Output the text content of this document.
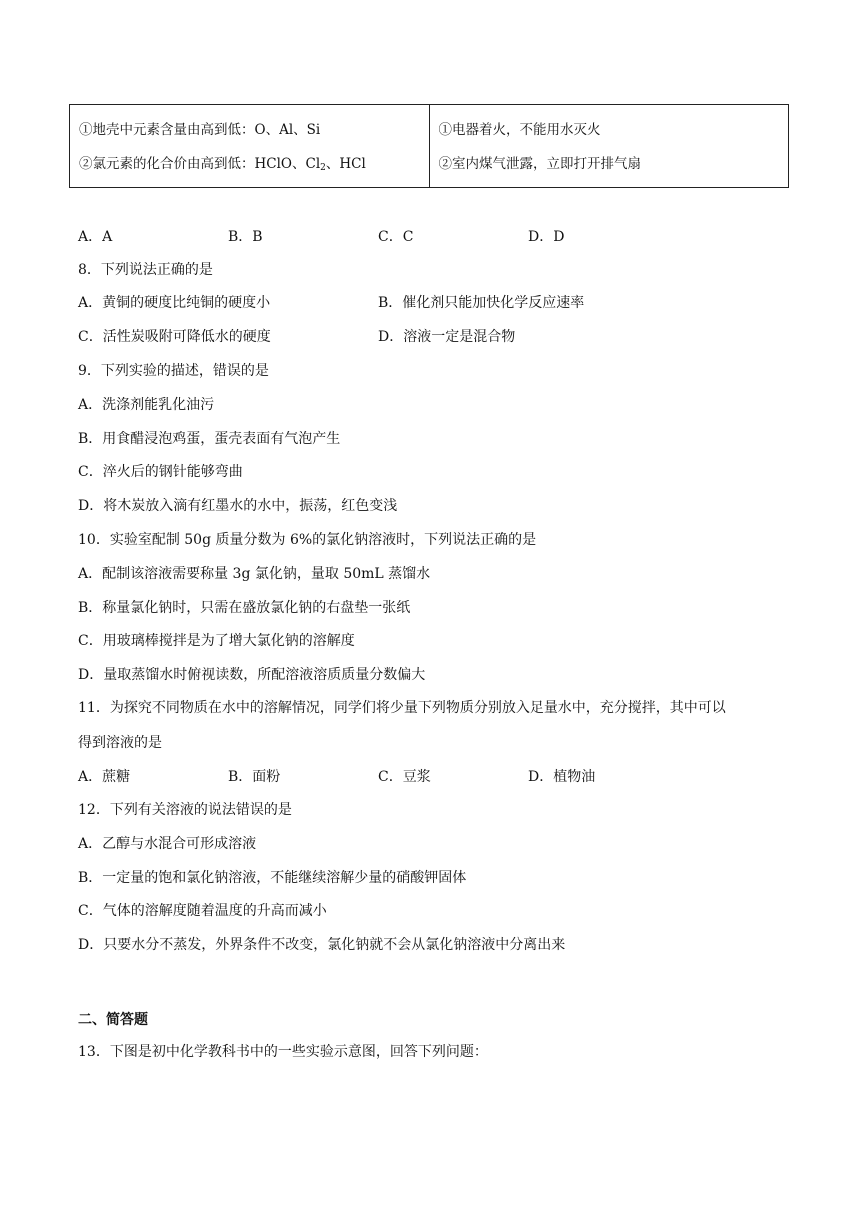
①地壳中元素含量由高到低：O、Al、Si
②氯元素的化合价由高到低：HClO、$Cl_2$、HCl

①电器着火，不能用水灭火
②室内煤气泄露，立即打开排气扇
A．A	B．B	C．C	D．D
8．下列说法正确的是
A．黄铜的硬度比纯铜的硬度小	B．催化剂只能加快化学反应速率
C．活性炭吸附可降低水的硬度	D．溶液一定是混合物
9．下列实验的描述，错误的是
A．洗涤剂能乳化油污
B．用食醋浸泡鸡蛋，蛋壳表面有气泡产生
C．淬火后的钢针能够弯曲
D．将木炭放入滴有红墨水的水中，振荡，红色变浅
10．实验室配制 50g 质量分数为 6%的氯化钠溶液时，下列说法正确的是
A．配制该溶液需要称量 3g 氯化钠，量取 50mL 蒸馏水
B．称量氯化钠时，只需在盛放氯化钠的右盘垫一张纸
C．用玻璃棒搅拌是为了增大氯化钠的溶解度
D．量取蒸馏水时俯视读数，所配溶液溶质质量分数偏大
11．为探究不同物质在水中的溶解情况，同学们将少量下列物质分别放入足量水中，充分搅拌，其中可以
得到溶液的是
A．蔗糖	B．面粉	C．豆浆	D．植物油
12．下列有关溶液的说法错误的是
A．乙醇与水混合可形成溶液
B．一定量的饱和氯化钠溶液，不能继续溶解少量的硝酸钾固体
C．气体的溶解度随着温度的升高而减小
D．只要水分不蒸发，外界条件不改变，氯化钠就不会从氯化钠溶液中分离出来
二、简答题
13．下图是初中化学教科书中的一些实验示意图，回答下列问题：
